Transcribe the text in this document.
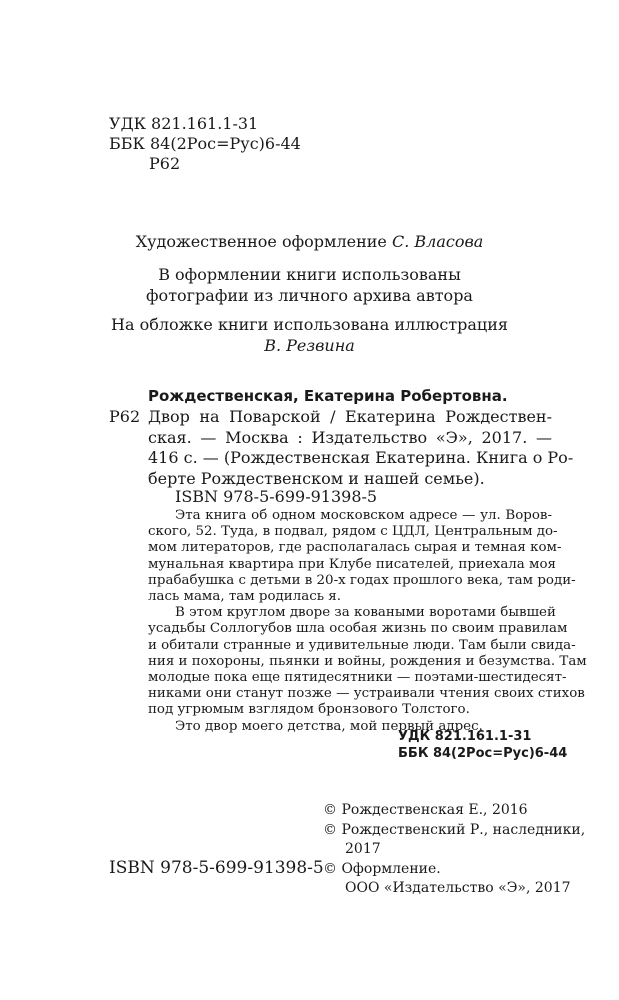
УДК 821.161.1-31
ББК 84(2Рос=Рус)6-44
Р62
Художественное оформление С. Власова
В оформлении книги использованы
фотографии из личного архива автора
На обложке книги использована иллюстрация
В. Резвина
Рождественская, Екатерина Робертовна.
Р62 Двор на Поварской / Екатерина Рождествен-
ская. — Москва : Издательство «Э», 2017. —
416 с. — (Рождественская Екатерина. Книга о Ро-
берте Рождественском и нашей семье).
ISBN 978-5-699-91398-5
Эта книга об одном московском адресе — ул. Воров-
ского, 52. Туда, в подвал, рядом с ЦДЛ, Центральным до-
мом литераторов, где располагалась сырая и темная ком-
мунальная квартира при Клубе писателей, приехала моя
прабабушка с детьми в 20-х годах прошлого века, там роди-
лась мама, там родилась я.
В этом круглом дворе за коваными воротами бывшей
усадьбы Соллогубов шла особая жизнь по своим правилам
и обитали странные и удивительные люди. Там были свида-
ния и похороны, пьянки и войны, рождения и безумства. Там
молодые пока еще пятидесятники — поэтами-шестидесят-
никами они станут позже — устраивали чтения своих стихов
под угрюмым взглядом бронзового Толстого.
Это двор моего детства, мой первый адрес.
УДК 821.161.1-31
ББК 84(2Рос=Рус)6-44
© Рождественская Е., 2016
© Рождественский Р., наследники,
2017
© Оформление.
ООО «Издательство «Э», 2017
ISBN 978-5-699-91398-5
